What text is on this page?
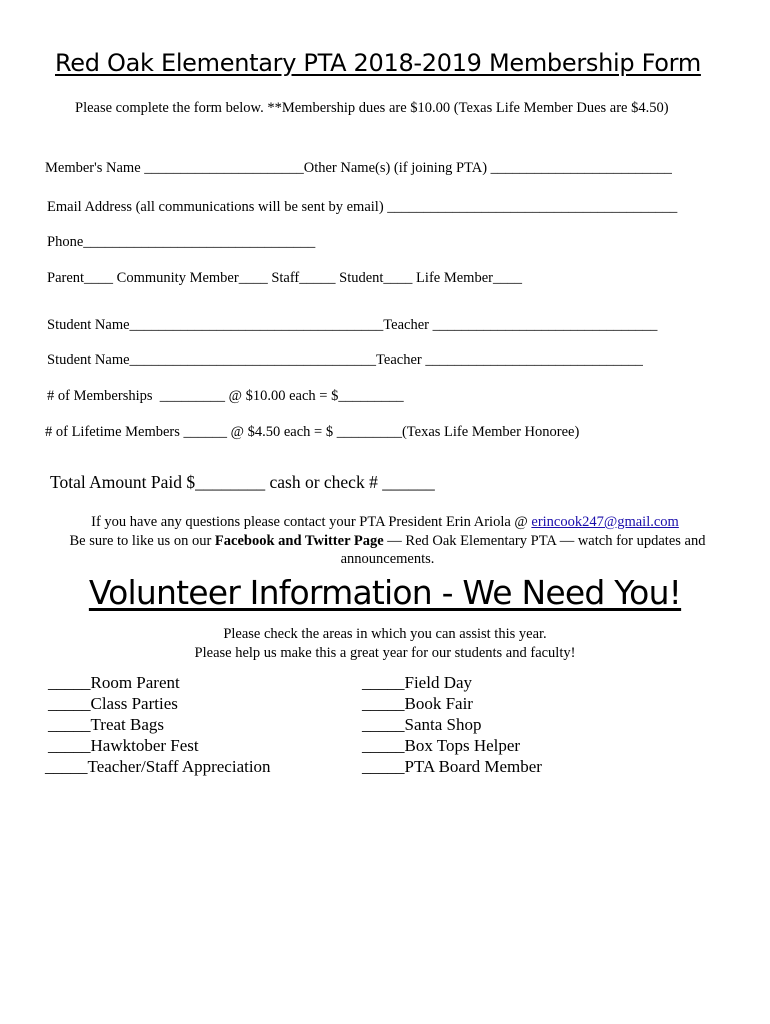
Red Oak Elementary PTA 2018-2019 Membership Form
Please complete the form below. **Membership dues are $10.00 (Texas Life Member Dues are $4.50)
Member's Name ______________________Other Name(s) (if joining PTA) _________________________
Email Address (all communications will be sent by email) ________________________________________
Phone________________________________
Parent____ Community Member____ Staff_____ Student____ Life Member____
Student Name___________________________________Teacher _______________________________
Student Name__________________________________Teacher ______________________________
# of Memberships  _________ @ $10.00 each = $_________
# of Lifetime Members ______ @ $4.50 each = $ _________(Texas Life Member Honoree)
Total Amount Paid $________ cash or check # ______
If you have any questions please contact your PTA President Erin Ariola @ erincook247@gmail.com
Be sure to like us on our Facebook and Twitter Page — Red Oak Elementary PTA — watch for updates and announcements.
Volunteer Information - We Need You!
Please check the areas in which you can assist this year.
Please help us make this a great year for our students and faculty!
_____Room Parent
_____Class Parties
_____Treat Bags
_____Hawktober Fest
_____Teacher/Staff Appreciation
_____Field Day
_____Book Fair
_____Santa Shop
_____Box Tops Helper
_____PTA Board Member
